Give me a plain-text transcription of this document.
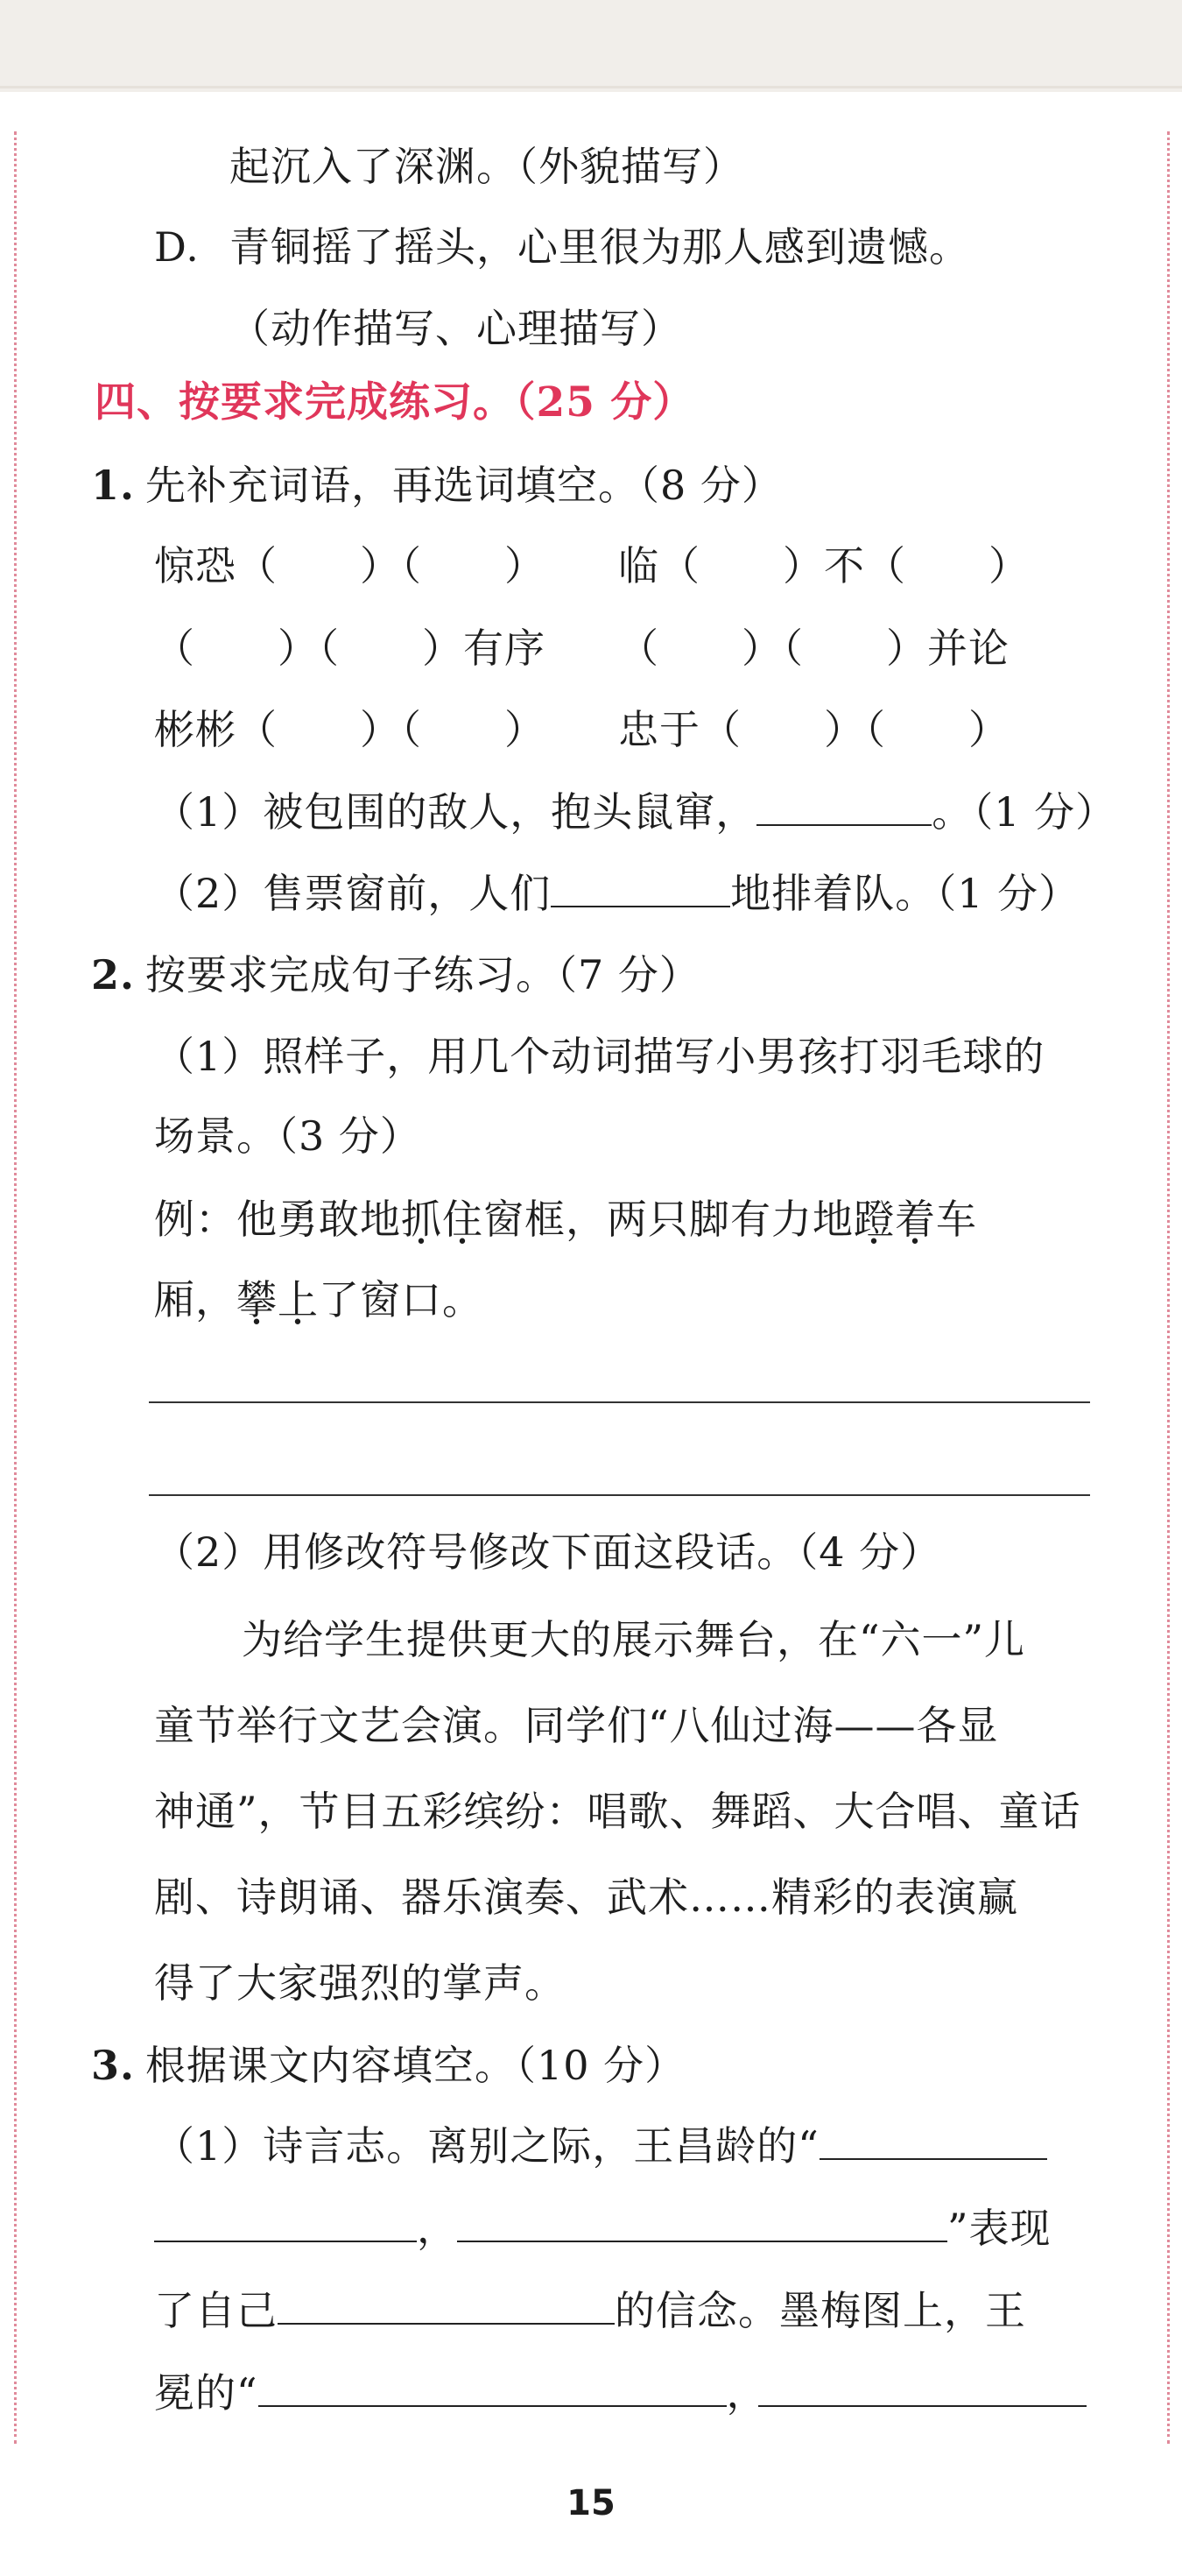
起沉入了深渊。（外貌描写）
D. 青铜摇了摇头，心里很为那人感到遗憾。
（动作描写、心理描写）
四、按要求完成练习。（25 分）
1. 先补充词语，再选词填空。（8 分）
惊恐（　　）（　　） 临（　　）不（　　）
（　　）（　　）有序 （　　）（　　）并论
彬彬（　　）（　　） 忠于（　　）（　　）
（1）被包围的敌人，抱头鼠窜，	。（1 分）
（2）售票窗前，人们	地排着队。（1 分）
2. 按要求完成句子练习。（7 分）
（1）照样子，用几个动词描写小男孩打羽毛球的
场景。（3 分）
例：他勇敢地抓住窗框，两只脚有力地蹬着车
厢，攀上了窗口。
（2）用修改符号修改下面这段话。（4 分）
为给学生提供更大的展示舞台，在“六一”儿
童节举行文艺会演。同学们“八仙过海——各显
神通”，节目五彩缤纷：唱歌、舞蹈、大合唱、童话
剧、诗朗诵、器乐演奏、武术……精彩的表演赢
得了大家强烈的掌声。
3. 根据课文内容填空。（10 分）
（1）诗言志。离别之际，王昌龄的“
，	”表现
了自己	的信念。墨梅图上，王
冕的“	，
15
